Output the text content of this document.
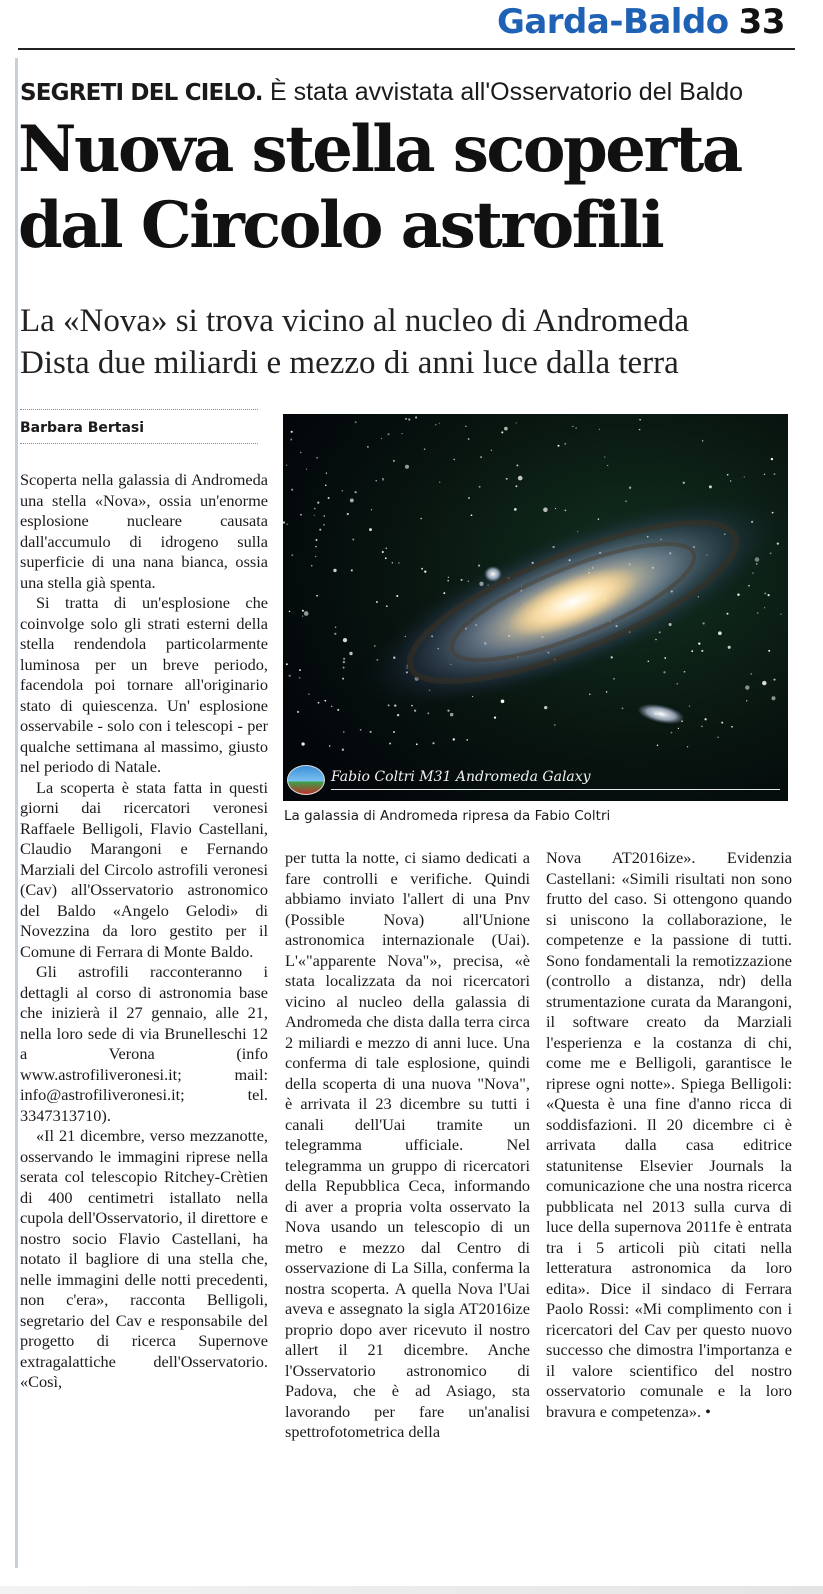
Garda-Baldo 33
SEGRETI DEL CIELO. È stata avvistata all'Osservatorio del Baldo
Nuova stella scoperta
dal Circolo astrofili
La «Nova» si trova vicino al nucleo di Andromeda
Dista due miliardi e mezzo di anni luce dalla terra
Barbara Bertasi
Fabio Coltri M31 Andromeda Galaxy
La galassia di Andromeda ripresa da Fabio Coltri

Scoperta nella galassia di Andromeda una stella «Nova», ossia un'enorme esplosione nucleare causata dall'accumulo di idrogeno sulla superficie di una nana bianca, ossia una stella già spenta.

Si tratta di un'esplosione che coinvolge solo gli strati esterni della stella rendendola particolarmente luminosa per un breve periodo, facendola poi tornare all'originario stato di quiescenza. Un' esplosione osservabile - solo con i telescopi - per qualche settimana al massimo, giusto nel periodo di Natale.

La scoperta è stata fatta in questi giorni dai ricercatori veronesi Raffaele Belligoli, Flavio Castellani, Claudio Marangoni e Fernando Marziali del Circolo astrofili veronesi (Cav) all'Osservatorio astronomico del Baldo «Angelo Gelodi» di Novezzina da loro gestito per il Comune di Ferrara di Monte Baldo.

Gli astrofili racconteranno i dettagli al corso di astronomia base che inizierà il 27 gennaio, alle 21, nella loro sede di via Brunelleschi 12 a Verona (info www.astrofiliveronesi.it; mail: info@astrofiliveronesi.it; tel. 3347313710).

«Il 21 dicembre, verso mezzanotte, osservando le immagini riprese nella serata col telescopio Ritchey-Crètien di 400 centimetri istallato nella cupola dell'Osservatorio, il direttore e nostro socio Flavio Castellani, ha notato il bagliore di una stella che, nelle immagini delle notti precedenti, non c'era», racconta Belligoli, segretario del Cav e responsabile del progetto di ricerca Supernove extragalattiche dell'Osservatorio. «Così,

per tutta la notte, ci siamo dedicati a fare controlli e verifiche. Quindi abbiamo inviato l'allert di una Pnv (Possible Nova) all'Unione astronomica internazionale (Uai). L'«"apparente Nova"», precisa, «è stata localizzata da noi ricercatori vicino al nucleo della galassia di Andromeda che dista dalla terra circa 2 miliardi e mezzo di anni luce. Una conferma di tale esplosione, quindi della scoperta di una nuova "Nova", è arrivata il 23 dicembre su tutti i canali dell'Uai tramite un telegramma ufficiale. Nel telegramma un gruppo di ricercatori della Repubblica Ceca, informando di aver a propria volta osservato la Nova usando un telescopio di un metro e mezzo dal Centro di osservazione di La Silla, conferma la nostra scoperta. A quella Nova l'Uai aveva e assegnato la sigla AT2016ize proprio dopo aver ricevuto il nostro allert il 21 dicembre. Anche l'Osservatorio astronomico di Padova, che è ad Asiago, sta lavorando per fare un'analisi spettrofotometrica della

Nova AT2016ize». Evidenzia Castellani: «Simili risultati non sono frutto del caso. Si ottengono quando si uniscono la collaborazione, le competenze e la passione di tutti. Sono fondamentali la remotizzazione (controllo a distanza, ndr) della strumentazione curata da Marangoni, il software creato da Marziali l'esperienza e la costanza di chi, come me e Belligoli, garantisce le riprese ogni notte». Spiega Belligoli: «Questa è una fine d'anno ricca di soddisfazioni. Il 20 dicembre ci è arrivata dalla casa editrice statunitense Elsevier Journals la comunicazione che una nostra ricerca pubblicata nel 2013 sulla curva di luce della supernova 2011fe è entrata tra i 5 articoli più citati nella letteratura astronomica da loro edita». Dice il sindaco di Ferrara Paolo Rossi: «Mi complimento con i ricercatori del Cav per questo nuovo successo che dimostra l'importanza e il valore scientifico del nostro osservatorio comunale e la loro bravura e competenza». •
